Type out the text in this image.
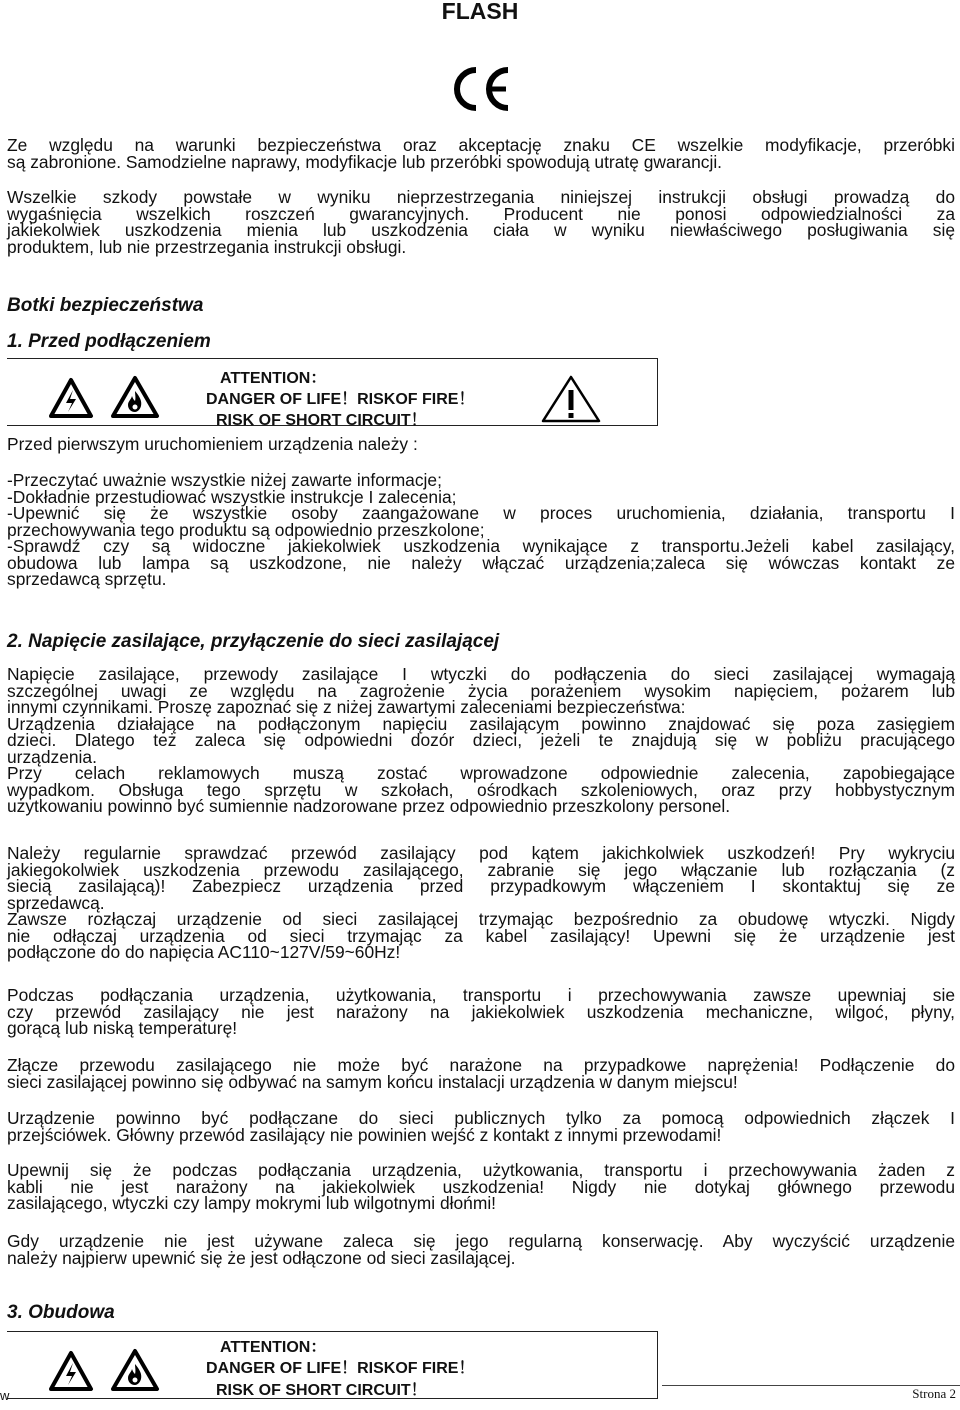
FLASH
Ze względu na warunki bezpieczeństwa oraz akceptację znaku CE wszelkie modyfikacje, przeróbki
są zabronione. Samodzielne naprawy, modyfikacje lub przeróbki spowodują utratę gwarancji.
Wszelkie szkody powstałe w wyniku nieprzestrzegania niniejszej instrukcji obsługi prowadzą do
wygaśnięcia wszelkich roszczeń gwarancyjnych. Producent nie ponosi odpowiedzialności za
jakiekolwiek uszkodzenia mienia lub uszkodzenia ciała w wyniku niewłaściwego posługiwania się
produktem, lub nie przestrzegania instrukcji obsługi.
Botki bezpieczeństwa
1. Przed podłączeniem
ATTENTION：
DANGER OF LIFE！RISKOF FIRE！
RISK OF SHORT CIRCUIT！
Przed pierwszym uruchomieniem urządzenia należy :
-Przeczytać uważnie wszystkie niżej zawarte informacje;
-Dokładnie przestudiować wszystkie instrukcje I zalecenia;
-Upewnić się że wszystkie osoby zaangażowane w proces uruchomienia, działania, transportu I
przechowywania tego produktu są odpowiednio przeszkolone;
-Sprawdź czy są widoczne jakiekolwiek uszkodzenia wynikające z transportu.Jeżeli kabel zasilający,
obudowa lub lampa są uszkodzone, nie należy włączać urządzenia;zaleca się wówczas kontakt ze
sprzedawcą sprzętu.
2. Napięcie zasilające, przyłączenie do sieci zasilającej
Napięcie zasilające, przewody zasilające I wtyczki do podłączenia do sieci zasilającej wymagają
szczególnej uwagi ze względu na zagrożenie życia porażeniem wysokim napięciem, pożarem lub
innymi czynnikami. Proszę zapoznać się z niżej zawartymi zaleceniami bezpieczeństwa:
Urządzenia działające na podłączonym napięciu zasilającym powinno znajdować się poza zasięgiem
dzieci. Dlatego też zaleca się odpowiedni dozór dzieci, jeżeli te znajdują się w pobliżu pracującego
urządzenia.
Przy celach reklamowych muszą zostać wprowadzone odpowiednie zalecenia, zapobiegające
wypadkom. Obsługa tego sprzętu w szkołach, ośrodkach szkoleniowych, oraz przy hobbystycznym
użytkowaniu powinno być sumiennie nadzorowane przez odpowiednio przeszkolony personel.
Należy regularnie sprawdzać przewód zasilający pod kątem jakichkolwiek uszkodzeń! Pry wykryciu
jakiegokolwiek uszkodzenia przewodu zasilającego, zabranie się jego włączanie lub rozłączania (z
siecią zasilającą)! Zabezpiecz urządzenia przed przypadkowym włączeniem I skontaktuj się ze
sprzedawcą.
Zawsze rozłączaj urządzenie od sieci zasilającej trzymając bezpośrednio za obudowę wtyczki. Nigdy
nie odłączaj urządzenia od sieci trzymając za kabel zasilający! Upewni się że urządzenie jest
podłączone do do napięcia AC110~127V/59~60Hz!
Podczas podłączania urządzenia, użytkowania, transportu i przechowywania zawsze upewniaj sie
czy przewód zasilający nie jest narażony na jakiekolwiek uszkodzenia mechaniczne, wilgoć, płyny,
gorącą lub niską temperaturę!
Złącze przewodu zasilającego nie może być narażone na przypadkowe naprężenia! Podłączenie do
sieci zasilającej powinno się odbywać na samym końcu instalacji urządzenia w danym miejscu!
Urządzenie powinno być podłączane do sieci publicznych tylko za pomocą odpowiednich złączek I
przejściówek. Główny przewód zasilający nie powinien wejść z kontakt z innymi przewodami!
Upewnij się że podczas podłączania urządzenia, użytkowania, transportu i przechowywania żaden z
kabli nie jest narażony na jakiekolwiek uszkodzenia! Nigdy nie dotykaj głównego przewodu
zasilającego, wtyczki czy lampy mokrymi lub wilgotnymi dłońmi!
Gdy urządzenie nie jest używane zaleca się jego regularną konserwację. Aby wyczyścić urządzenie
należy najpierw upewnić się że jest odłączone od sieci zasilającej.
3. Obudowa
ATTENTION：
DANGER OF LIFE！RISKOF FIRE！
RISK OF SHORT CIRCUIT！
w	Strona 2
